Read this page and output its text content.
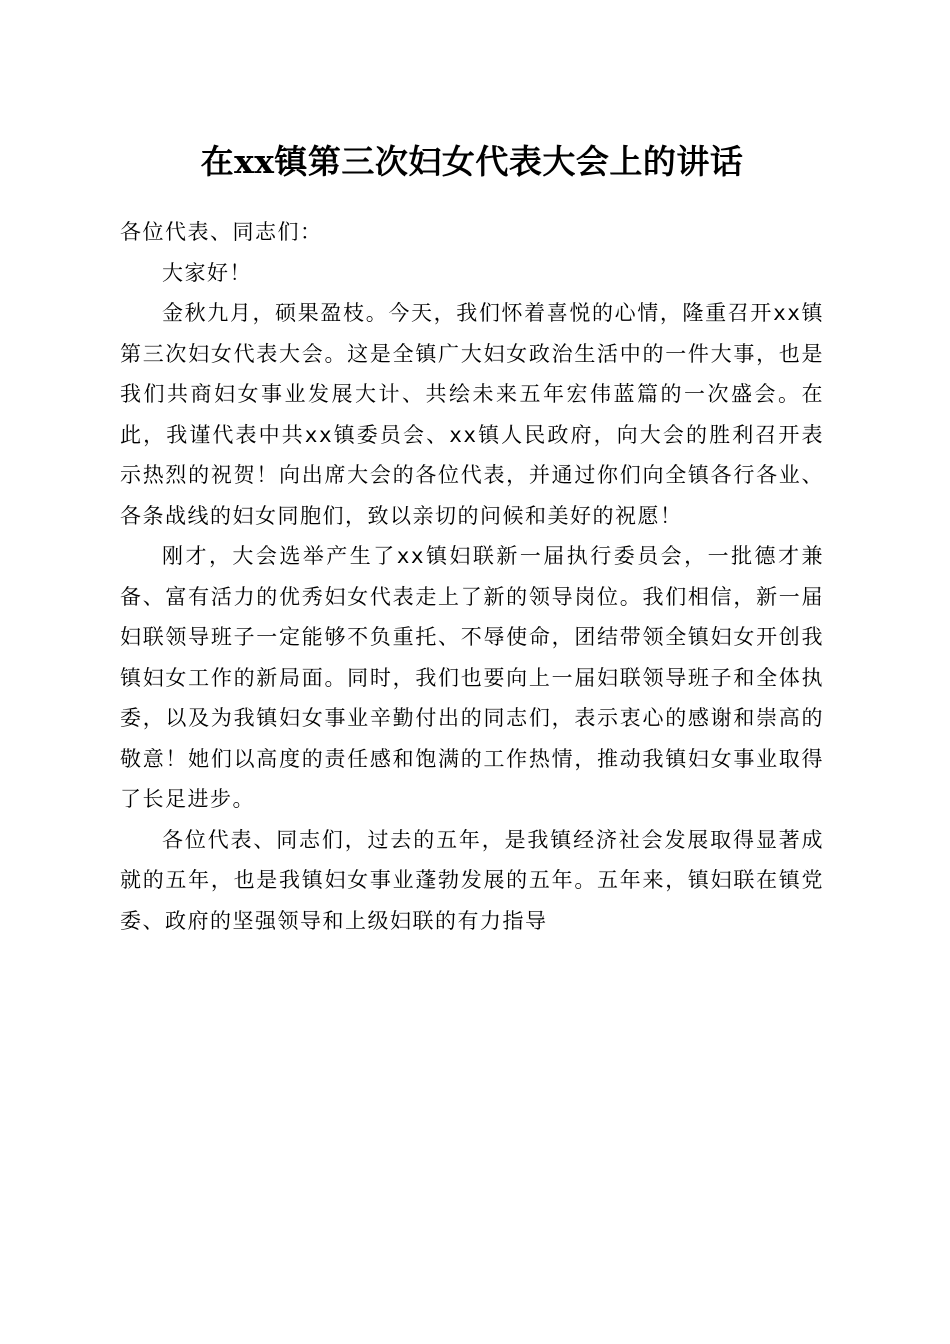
在xx镇第三次妇女代表大会上的讲话

各位代表、同志们：

大家好！

金秋九月，硕果盈枝。今天，我们怀着喜悦的心情，隆重召开xx镇第三次妇女代表大会。这是全镇广大妇女政治生活中的一件大事，也是我们共商妇女事业发展大计、共绘未来五年宏伟蓝篇的一次盛会。在此，我谨代表中共xx镇委员会、xx镇人民政府，向大会的胜利召开表示热烈的祝贺！向出席大会的各位代表，并通过你们向全镇各行各业、各条战线的妇女同胞们，致以亲切的问候和美好的祝愿！

刚才，大会选举产生了xx镇妇联新一届执行委员会，一批德才兼备、富有活力的优秀妇女代表走上了新的领导岗位。我们相信，新一届妇联领导班子一定能够不负重托、不辱使命，团结带领全镇妇女开创我镇妇女工作的新局面。同时，我们也要向上一届妇联领导班子和全体执委，以及为我镇妇女事业辛勤付出的同志们，表示衷心的感谢和崇高的敬意！她们以高度的责任感和饱满的工作热情，推动我镇妇女事业取得了长足进步。

各位代表、同志们，过去的五年，是我镇经济社会发展取得显著成就的五年，也是我镇妇女事业蓬勃发展的五年。五年来，镇妇联在镇党委、政府的坚强领导和上级妇联的有力指导
